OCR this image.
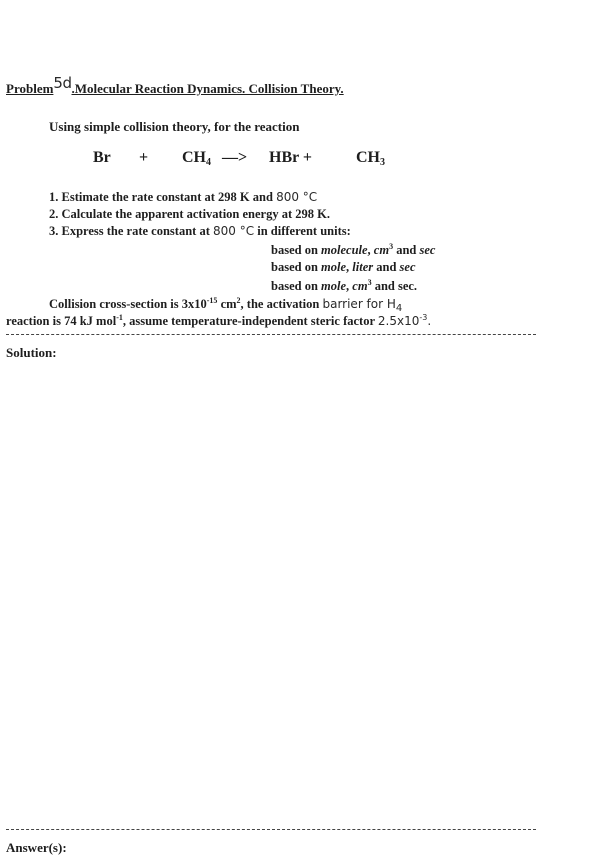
Problem5d.Molecular Reaction Dynamics. Collision Theory.
Using simple collision theory, for the reaction
$Br + CH_4$ —> HBr +	$CH_3$
1. Estimate the rate constant at 298 K and 800 °C
2. Calculate the apparent activation energy at 298 K.
3. Express the rate constant at 800 °C in different units:
based on molecule, $cm^3$ and sec
based on mole, liter and sec
based on mole, $cm^3$ and sec.
Collision cross-section is $3x10^{-15}$ $cm^2$, the activation barrier for $H_4$
reaction is 74 kJ mol$^{-1}$, assume temperature-independent steric factor $2.5x10^{-3}$.
Solution:
Answer(s):
